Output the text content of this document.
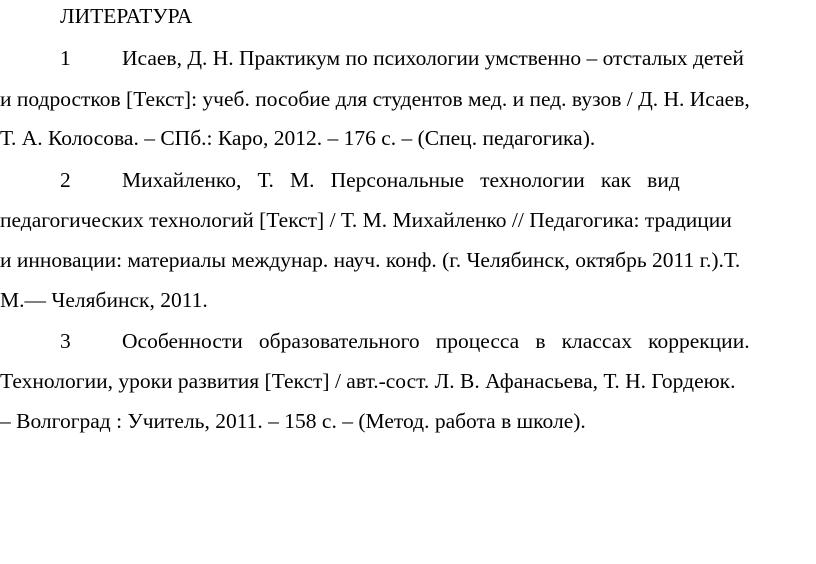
ЛИТЕРАТУРА
1 Исаев, Д. Н. Практикум по психологии умственно – отсталых детей
и подростков [Текст]: учеб. пособие для студентов мед. и пед. вузов / Д. Н. Исаев,
Т. А. Колосова. – СПб.: Каро, 2012. – 176 с. – (Спец. педагогика).
2 Михайленко,   Т.   М.   Персональные   технологии   как   вид
педагогических технологий [Текст] / Т. М. Михайленко // Педагогика: традиции
и инновации: материалы междунар. науч. конф. (г. Челябинск, октябрь 2011 г.).Т.
М.— Челябинск, 2011.
3 Особенности   образовательного   процесса   в   классах   коррекции.
Технологии, уроки развития [Текст] / авт.-сост. Л. В. Афанасьева, Т. Н. Гордеюк.
– Волгоград : Учитель, 2011. – 158 с. – (Метод. работа в школе).
